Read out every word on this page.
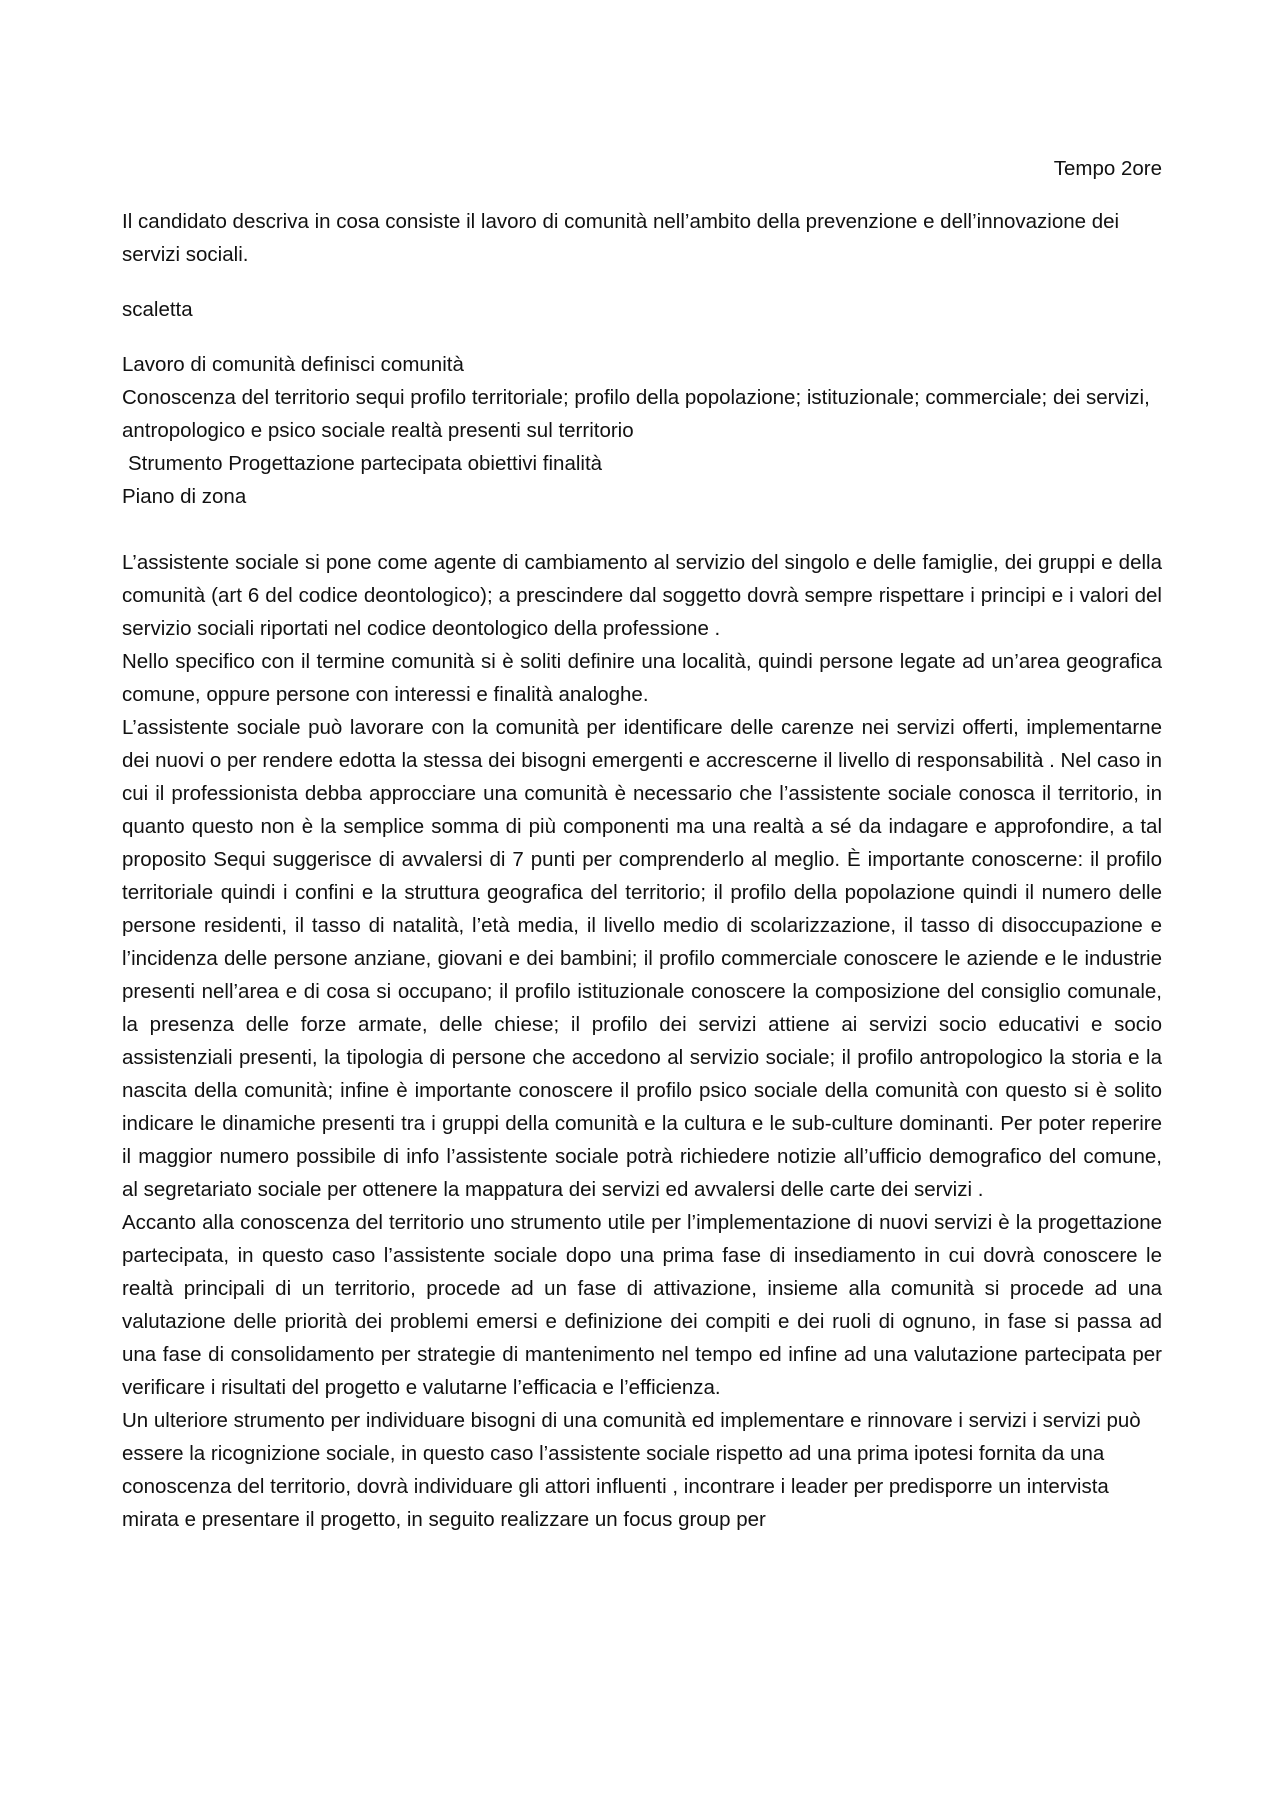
Tempo 2ore

Il candidato descriva in cosa consiste il lavoro di comunità nell’ambito della prevenzione e dell’innovazione dei servizi sociali.

scaletta

Lavoro di comunità definisci comunità
Conoscenza del territorio sequi profilo territoriale; profilo della popolazione; istituzionale; commerciale; dei servizi, antropologico e psico sociale realtà presenti sul territorio
Strumento Progettazione partecipata obiettivi finalità
Piano di zona

L’assistente sociale si pone come agente di cambiamento al servizio del singolo e delle famiglie, dei gruppi e della comunità (art 6 del codice deontologico); a prescindere dal soggetto dovrà sempre rispettare i principi e i valori del servizio sociali riportati nel codice deontologico della professione .

Nello specifico con il termine comunità si è soliti definire una località, quindi persone legate ad un’area geografica comune, oppure persone con interessi e finalità analoghe.

L’assistente sociale può lavorare con la comunità per identificare delle carenze nei servizi offerti, implementarne dei nuovi o per rendere edotta la stessa dei bisogni emergenti e accrescerne il livello di responsabilità . Nel caso in cui il professionista debba approcciare una comunità è necessario che l’assistente sociale conosca il territorio, in quanto questo non è la semplice somma di più componenti ma una realtà a sé da indagare e approfondire, a tal proposito Sequi suggerisce di avvalersi di 7 punti per comprenderlo al meglio. È importante conoscerne: il profilo territoriale quindi i confini e la struttura geografica del territorio; il profilo della popolazione quindi il numero delle persone residenti, il tasso di natalità, l’età media, il livello medio di scolarizzazione, il tasso di disoccupazione e l’incidenza delle persone anziane, giovani e dei bambini; il profilo commerciale conoscere le aziende e le industrie presenti nell’area e di cosa si occupano; il profilo istituzionale conoscere la composizione del consiglio comunale, la presenza delle forze armate, delle chiese; il profilo dei servizi attiene ai servizi socio educativi e socio assistenziali presenti, la tipologia di persone che accedono al servizio sociale; il profilo antropologico la storia e la nascita della comunità; infine è importante conoscere il profilo psico sociale della comunità con questo si è solito indicare le dinamiche presenti tra i gruppi della comunità e la cultura e le sub-culture dominanti. Per poter reperire il maggior numero possibile di info l’assistente sociale potrà richiedere notizie all’ufficio demografico del comune, al segretariato sociale per ottenere la mappatura dei servizi ed avvalersi delle carte dei servizi .

Accanto alla conoscenza del territorio uno strumento utile per l’implementazione di nuovi servizi è la progettazione partecipata, in questo caso l’assistente sociale dopo una prima fase di insediamento in cui dovrà conoscere le realtà principali di un territorio, procede ad un fase di attivazione, insieme alla comunità si procede ad una valutazione delle priorità dei problemi emersi e definizione dei compiti e dei ruoli di ognuno, in fase si passa ad una fase di consolidamento per strategie di mantenimento nel tempo ed infine ad una valutazione partecipata per verificare i risultati del progetto e valutarne l’efficacia e l’efficienza.

Un ulteriore strumento per individuare bisogni di una comunità ed implementare e rinnovare i servizi i servizi può essere la ricognizione sociale, in questo caso l’assistente sociale rispetto ad una prima ipotesi fornita da una conoscenza del territorio, dovrà individuare gli attori influenti , incontrare i leader per predisporre un intervista mirata e presentare il progetto, in seguito realizzare un focus group per
